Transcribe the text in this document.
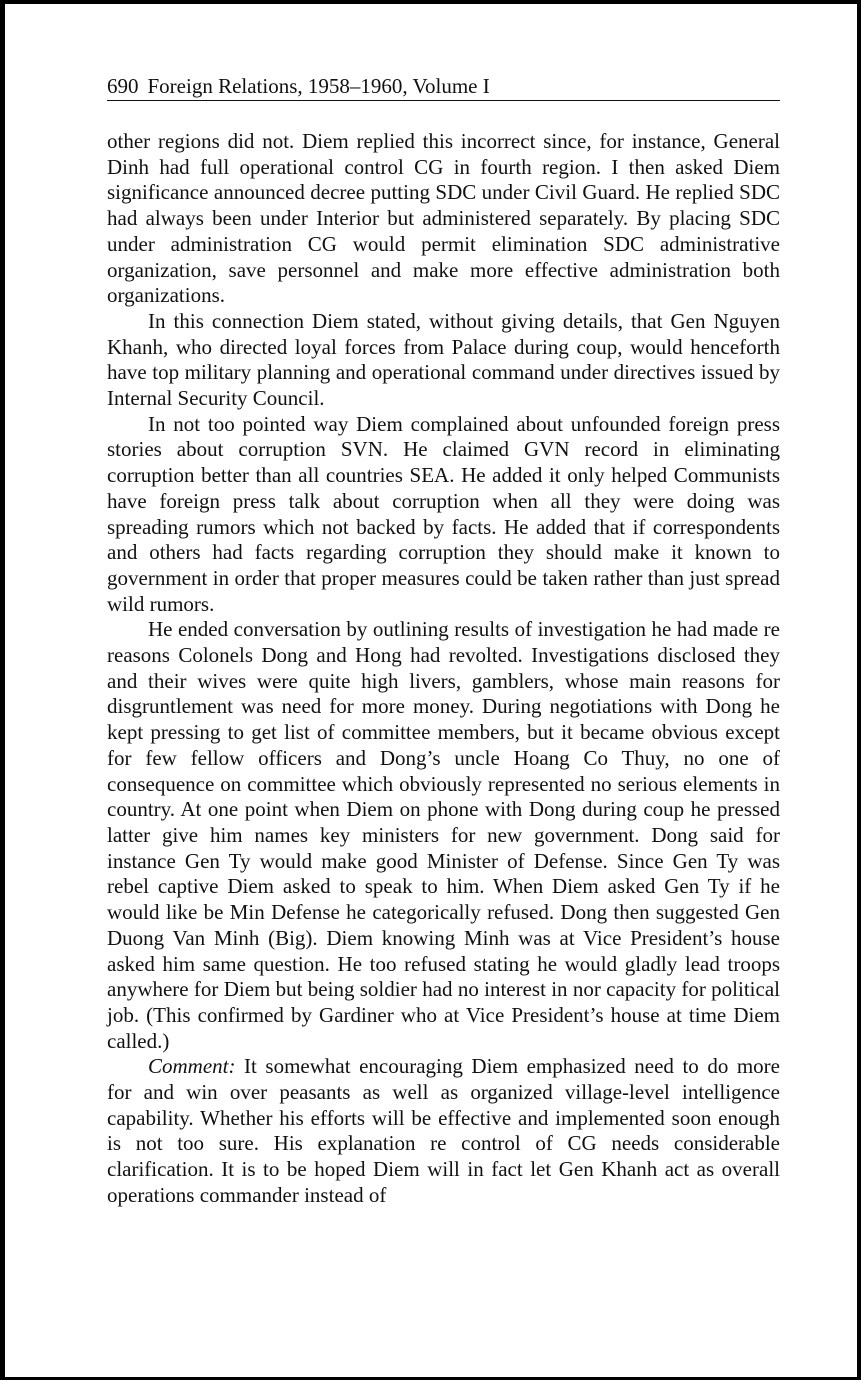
690 Foreign Relations, 1958–1960, Volume I

other regions did not. Diem replied this incorrect since, for instance, General Dinh had full operational control CG in fourth region. I then asked Diem significance announced decree putting SDC under Civil Guard. He replied SDC had always been under Interior but administered separately. By placing SDC under administration CG would permit elimination SDC administrative organization, save personnel and make more effective administration both organizations.

In this connection Diem stated, without giving details, that Gen Nguyen Khanh, who directed loyal forces from Palace during coup, would henceforth have top military planning and operational command under directives issued by Internal Security Council.

In not too pointed way Diem complained about unfounded foreign press stories about corruption SVN. He claimed GVN record in eliminating corruption better than all countries SEA. He added it only helped Communists have foreign press talk about corruption when all they were doing was spreading rumors which not backed by facts. He added that if correspondents and others had facts regarding corruption they should make it known to government in order that proper measures could be taken rather than just spread wild rumors.

He ended conversation by outlining results of investigation he had made re reasons Colonels Dong and Hong had revolted. Investigations disclosed they and their wives were quite high livers, gamblers, whose main reasons for disgruntlement was need for more money. During negotiations with Dong he kept pressing to get list of committee members, but it became obvious except for few fellow officers and Dong’s uncle Hoang Co Thuy, no one of consequence on committee which obviously represented no serious elements in country. At one point when Diem on phone with Dong during coup he pressed latter give him names key ministers for new government. Dong said for instance Gen Ty would make good Minister of Defense. Since Gen Ty was rebel captive Diem asked to speak to him. When Diem asked Gen Ty if he would like be Min Defense he categorically refused. Dong then suggested Gen Duong Van Minh (Big). Diem knowing Minh was at Vice President’s house asked him same question. He too refused stating he would gladly lead troops anywhere for Diem but being soldier had no interest in nor capacity for political job. (This confirmed by Gardiner who at Vice President’s house at time Diem called.)

Comment: It somewhat encouraging Diem emphasized need to do more for and win over peasants as well as organized village-level intelligence capability. Whether his efforts will be effective and implemented soon enough is not too sure. His explanation re control of CG needs considerable clarification. It is to be hoped Diem will in fact let Gen Khanh act as overall operations commander instead of
